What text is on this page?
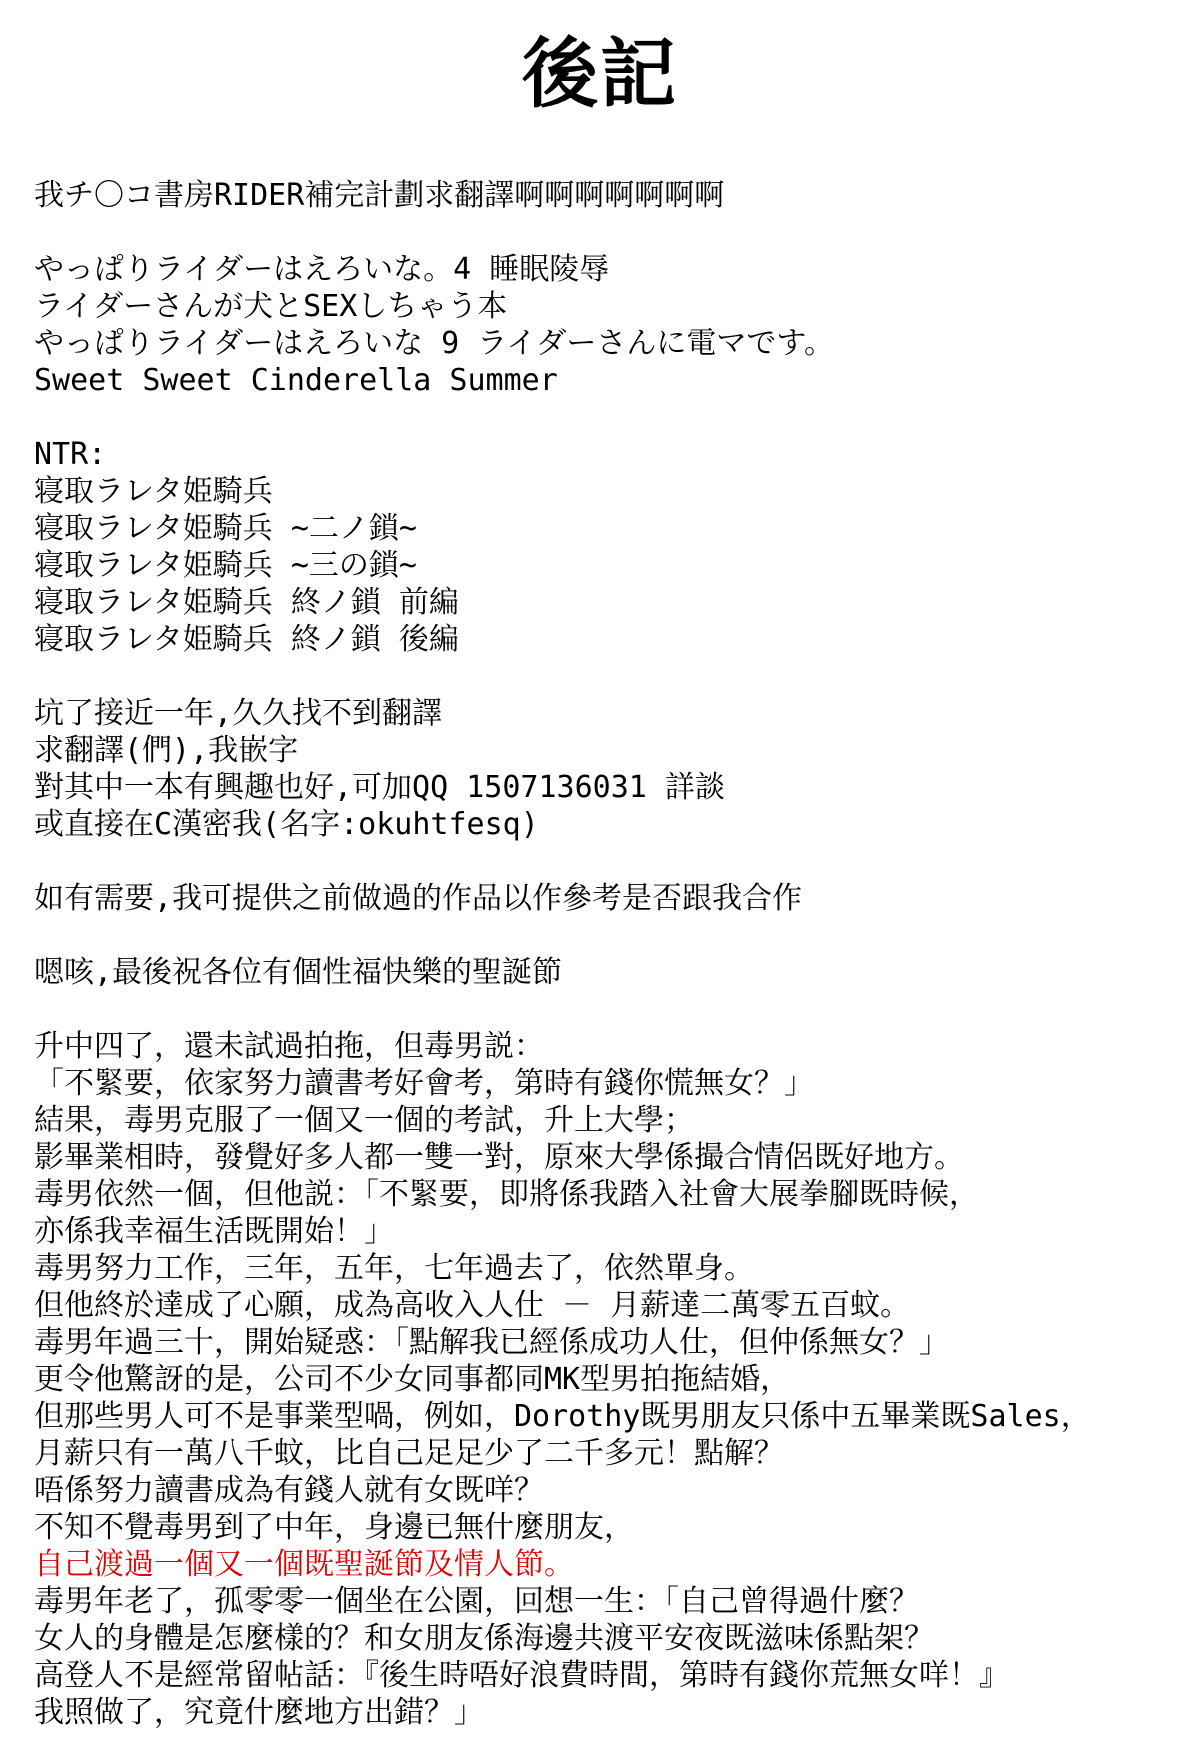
後記
我チ〇コ書房RIDER補完計劃求翻譯啊啊啊啊啊啊啊
やっぱりライダーはえろいな。4 睡眠陵辱
ライダーさんが犬とSEXしちゃう本
やっぱりライダーはえろいな 9 ライダーさんに電マです。
Sweet Sweet Cinderella Summer
NTR:
寝取ラレタ姫騎兵
寝取ラレタ姫騎兵 ~二ノ鎖~
寝取ラレタ姫騎兵 ~三の鎖~
寝取ラレタ姫騎兵 終ノ鎖 前編
寝取ラレタ姫騎兵 終ノ鎖 後編
坑了接近一年,久久找不到翻譯
求翻譯(們),我嵌字
對其中一本有興趣也好,可加QQ 1507136031 詳談
或直接在C漢密我(名字:okuhtfesq)
如有需要,我可提供之前做過的作品以作參考是否跟我合作
嗯咳,最後祝各位有個性福快樂的聖誕節
升中四了，還未試過拍拖，但毒男説：
「不緊要，依家努力讀書考好會考，第時有錢你慌無女？」
結果，毒男克服了一個又一個的考試，升上大學；
影畢業相時，發覺好多人都一雙一對，原來大學係撮合情侶既好地方。
毒男依然一個，但他説：「不緊要，即將係我踏入社會大展拳腳既時候，
亦係我幸福生活既開始！」
毒男努力工作，三年，五年，七年過去了，依然單身。
但他終於達成了心願，成為高收入人仕 － 月薪達二萬零五百蚊。
毒男年過三十，開始疑惑：「點解我已經係成功人仕，但仲係無女？」
更令他驚訝的是，公司不少女同事都同MK型男拍拖結婚，
但那些男人可不是事業型喎，例如，Dorothy既男朋友只係中五畢業既Sales，
月薪只有一萬八千蚊，比自己足足少了二千多元！點解？
唔係努力讀書成為有錢人就有女既咩？
不知不覺毒男到了中年，身邊已無什麼朋友，
自己渡過一個又一個既聖誕節及情人節。
毒男年老了，孤零零一個坐在公園，回想一生：「自己曾得過什麼？
女人的身體是怎麼樣的？和女朋友係海邊共渡平安夜既滋味係點架？
高登人不是經常留帖話：『後生時唔好浪費時間，第時有錢你荒無女咩！』
我照做了，究竟什麼地方出錯？」
